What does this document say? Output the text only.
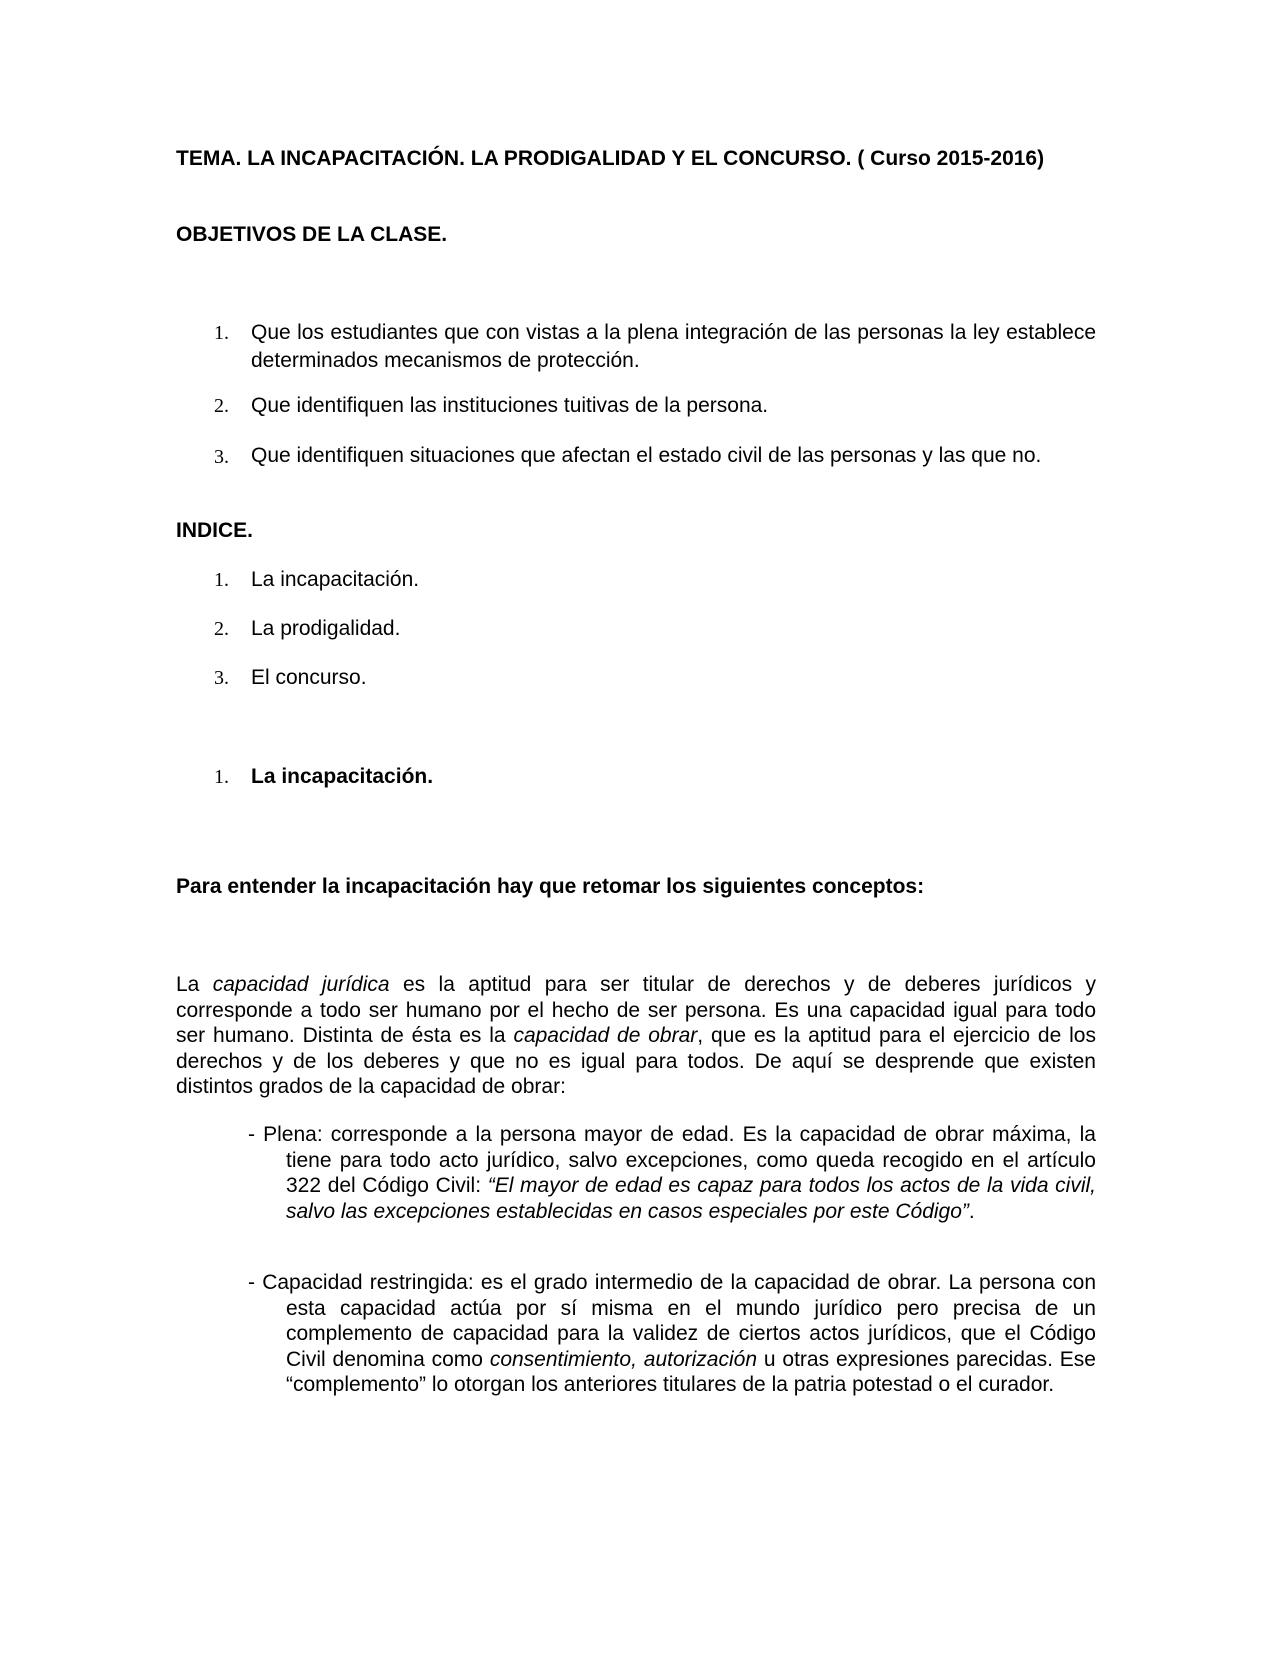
TEMA. LA INCAPACITACIÓN. LA PRODIGALIDAD Y EL CONCURSO. ( Curso 2015-2016)

OBJETIVOS DE LA CLASE.

1.	Que los estudiantes que con vistas a la plena integración de las personas la ley establece determinados mecanismos de protección.
2.	Que identifiquen las instituciones tuitivas de la persona.
3.	Que identifiquen situaciones que afectan el estado civil de las personas y las que no.

INDICE.

1.	La incapacitación.
2.	La prodigalidad.
3.	El concurso.
1.	La incapacitación.

Para entender la incapacitación hay que retomar los siguientes conceptos:

La capacidad jurídica es la aptitud para ser titular de derechos y de deberes jurídicos y corresponde a todo ser humano por el hecho de ser persona. Es una capacidad igual para todo ser humano. Distinta de ésta es la capacidad de obrar, que es la aptitud para el ejercicio de los derechos y de los deberes y que no es igual para todos. De aquí se desprende que existen distintos grados de la capacidad de obrar:

- Plena: corresponde a la persona mayor de edad. Es la capacidad de obrar máxima, la tiene para todo acto jurídico, salvo excepciones, como queda recogido en el artículo 322 del Código Civil: “El mayor de edad es capaz para todos los actos de la vida civil, salvo las excepciones establecidas en casos especiales por este Código”.

- Capacidad restringida: es el grado intermedio de la capacidad de obrar. La persona con esta capacidad actúa por sí misma en el mundo jurídico pero precisa de un complemento de capacidad para la validez de ciertos actos jurídicos, que el Código Civil denomina como consentimiento, autorización u otras expresiones parecidas. Ese “complemento” lo otorgan los anteriores titulares de la patria potestad o el curador.
